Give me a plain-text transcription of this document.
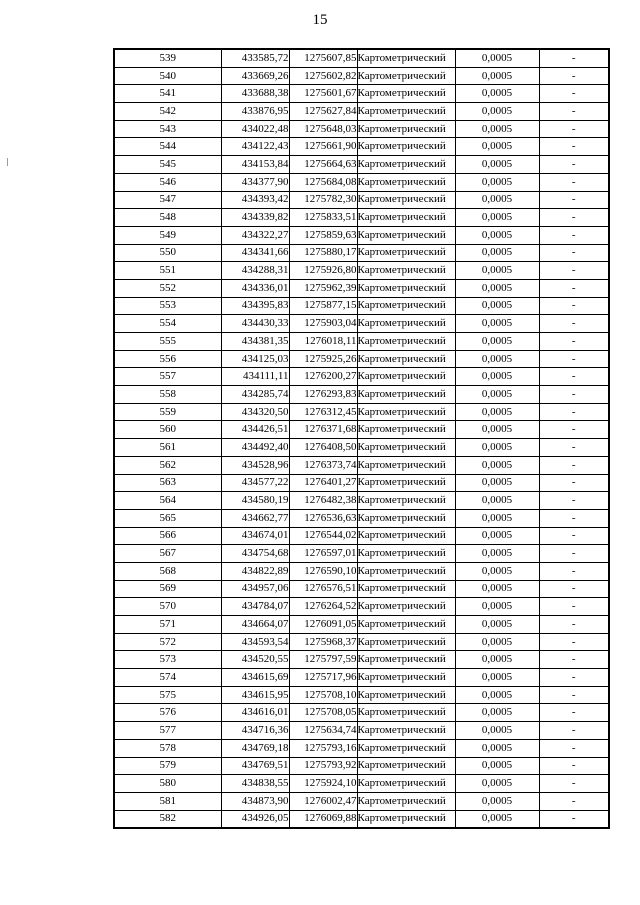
15
539	433585,72	1275607,85	Картометрический	0,0005	-
540	433669,26	1275602,82	Картометрический	0,0005	-
541	433688,38	1275601,67	Картометрический	0,0005	-
542	433876,95	1275627,84	Картометрический	0,0005	-
543	434022,48	1275648,03	Картометрический	0,0005	-
544	434122,43	1275661,90	Картометрический	0,0005	-
545	434153,84	1275664,63	Картометрический	0,0005	-
546	434377,90	1275684,08	Картометрический	0,0005	-
547	434393,42	1275782,30	Картометрический	0,0005	-
548	434339,82	1275833,51	Картометрический	0,0005	-
549	434322,27	1275859,63	Картометрический	0,0005	-
550	434341,66	1275880,17	Картометрический	0,0005	-
551	434288,31	1275926,80	Картометрический	0,0005	-
552	434336,01	1275962,39	Картометрический	0,0005	-
553	434395,83	1275877,15	Картометрический	0,0005	-
554	434430,33	1275903,04	Картометрический	0,0005	-
555	434381,35	1276018,11	Картометрический	0,0005	-
556	434125,03	1275925,26	Картометрический	0,0005	-
557	434111,11	1276200,27	Картометрический	0,0005	-
558	434285,74	1276293,83	Картометрический	0,0005	-
559	434320,50	1276312,45	Картометрический	0,0005	-
560	434426,51	1276371,68	Картометрический	0,0005	-
561	434492,40	1276408,50	Картометрический	0,0005	-
562	434528,96	1276373,74	Картометрический	0,0005	-
563	434577,22	1276401,27	Картометрический	0,0005	-
564	434580,19	1276482,38	Картометрический	0,0005	-
565	434662,77	1276536,63	Картометрический	0,0005	-
566	434674,01	1276544,02	Картометрический	0,0005	-
567	434754,68	1276597,01	Картометрический	0,0005	-
568	434822,89	1276590,10	Картометрический	0,0005	-
569	434957,06	1276576,51	Картометрический	0,0005	-
570	434784,07	1276264,52	Картометрический	0,0005	-
571	434664,07	1276091,05	Картометрический	0,0005	-
572	434593,54	1275968,37	Картометрический	0,0005	-
573	434520,55	1275797,59	Картометрический	0,0005	-
574	434615,69	1275717,96	Картометрический	0,0005	-
575	434615,95	1275708,10	Картометрический	0,0005	-
576	434616,01	1275708,05	Картометрический	0,0005	-
577	434716,36	1275634,74	Картометрический	0,0005	-
578	434769,18	1275793,16	Картометрический	0,0005	-
579	434769,51	1275793,92	Картометрический	0,0005	-
580	434838,55	1275924,10	Картометрический	0,0005	-
581	434873,90	1276002,47	Картометрический	0,0005	-
582	434926,05	1276069,88	Картометрический	0,0005	-
